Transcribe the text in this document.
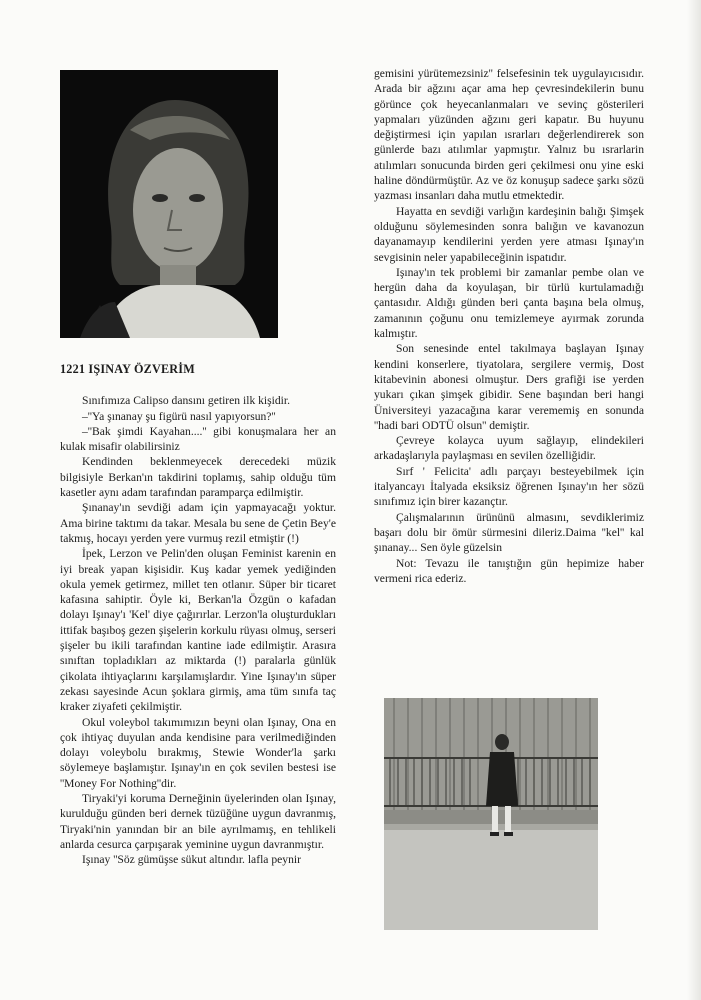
1221 IŞINAY ÖZVERİM

Sınıfımıza Calipso dansını getiren ilk kişidir.

–''Ya şınanay şu figürü nasıl yapıyorsun?''

–''Bak şimdi Kayahan....'' gibi konuşmalara her an kulak misafir olabilirsiniz

Kendinden beklenmeyecek derecedeki müzik bilgisiyle Berkan'ın takdirini toplamış, sahip olduğu tüm kasetler aynı adam tarafından paramparça edilmiştir.

Şınanay'ın sevdiği adam için yapmayacağı yoktur. Ama birine taktımı da takar. Mesala bu sene de Çetin Bey'e takmış, hocayı yerden yere vurmuş rezil etmiştir (!)

İpek, Lerzon ve Pelin'den oluşan Feminist karenin en iyi break yapan kişisidir. Kuş kadar yemek yediğinden okula yemek getirmez, millet ten otlanır. Süper bir ticaret kafasına sahiptir. Öyle ki, Berkan'la Özgün o kafadan dolayı Işınay'ı 'Kel' diye çağırırlar. Lerzon'la oluşturdukları ittifak başıboş gezen şişelerin korkulu rüyası olmuş, serseri şişeler bu ikili tarafından kantine iade edilmiştir. Arasıra sınıftan topladıkları az miktarda (!) paralarla günlük çikolata ihtiyaçlarını karşılamışlardır. Yine Işınay'ın süper zekası sayesinde Acun şoklara girmiş, ama tüm sınıfa taç kraker ziyafeti çekilmiştir.

Okul voleybol takımımızın beyni olan Işınay, Ona en çok ihtiyaç duyulan anda kendisine para verilmediğinden dolayı voleybolu bırakmış, Stewie Wonder'la şarkı söylemeye başlamıştır. Işınay'ın en çok sevilen bestesi ise ''Money For Nothing''dir.

Tiryaki'yi koruma Derneğinin üyelerinden olan Işınay, kurulduğu günden beri dernek tüzüğüne uygun davranmış, Tiryaki'nin yanından bir an bile ayrılmamış, en tehlikeli anlarda cesurca çarpışarak yeminine uygun davranmıştır.

Işınay ''Söz gümüşse sükut altındır. lafla peynir

gemisini yürütemezsiniz'' felsefesinin tek uygulayıcısıdır. Arada bir ağzını açar ama hep çevresindekilerin bunu görünce çok heyecanlanmaları ve sevinç gösterileri yapmaları yüzünden ağzını geri kapatır. Bu huyunu değiştirmesi için yapılan ısrarları değerlendirerek son günlerde bazı atılımlar yapmıştır. Yalnız bu ısrarlarin atılımları sonucunda birden geri çekilmesi onu yine eski haline döndürmüştür. Az ve öz konuşup sadece şarkı sözü yazması insanları daha mutlu etmektedir.

Hayatta en sevdiği varlığın kardeşinin balığı Şimşek olduğunu söylemesinden sonra balığın ve kavanozun dayanamayıp kendilerini yerden yere atması Işınay'ın sevgisinin neler yapabileceğinin ispatıdır.

Işınay'ın tek problemi bir zamanlar pembe olan ve hergün daha da koyulaşan, bir türlü kurtulamadığı çantasıdır. Aldığı günden beri çanta başına bela olmuş, zamanının çoğunu onu temizlemeye ayırmak zorunda kalmıştır.

Son senesinde entel takılmaya başlayan Işınay kendini konserlere, tiyatolara, sergilere vermiş, Dost kitabevinin abonesi olmuştur. Ders grafiği ise yerden yukarı çıkan şimşek gibidir. Sene başından beri hangi Üniversiteyi yazacağına karar verememiş en sonunda ''hadi bari ODTÜ olsun'' demiştir.

Çevreye kolayca uyum sağlayıp, elindekileri arkadaşlarıyla paylaşması en sevilen özelliğidir.

Sırf ' Felicita' adlı parçayı besteyebilmek için italyancayı İtalyada eksiksiz öğrenen Işınay'ın her sözü sınıfımız için birer kazançtır.

Çalışmalarının ürününü almasını, sevdiklerimiz başarı dolu bir ömür sürmesini dileriz.Daima ''kel'' kal şınanay... Sen öyle güzelsin

Not: Tevazu ile tanıştığın gün hepimize haber vermeni rica ederiz.
